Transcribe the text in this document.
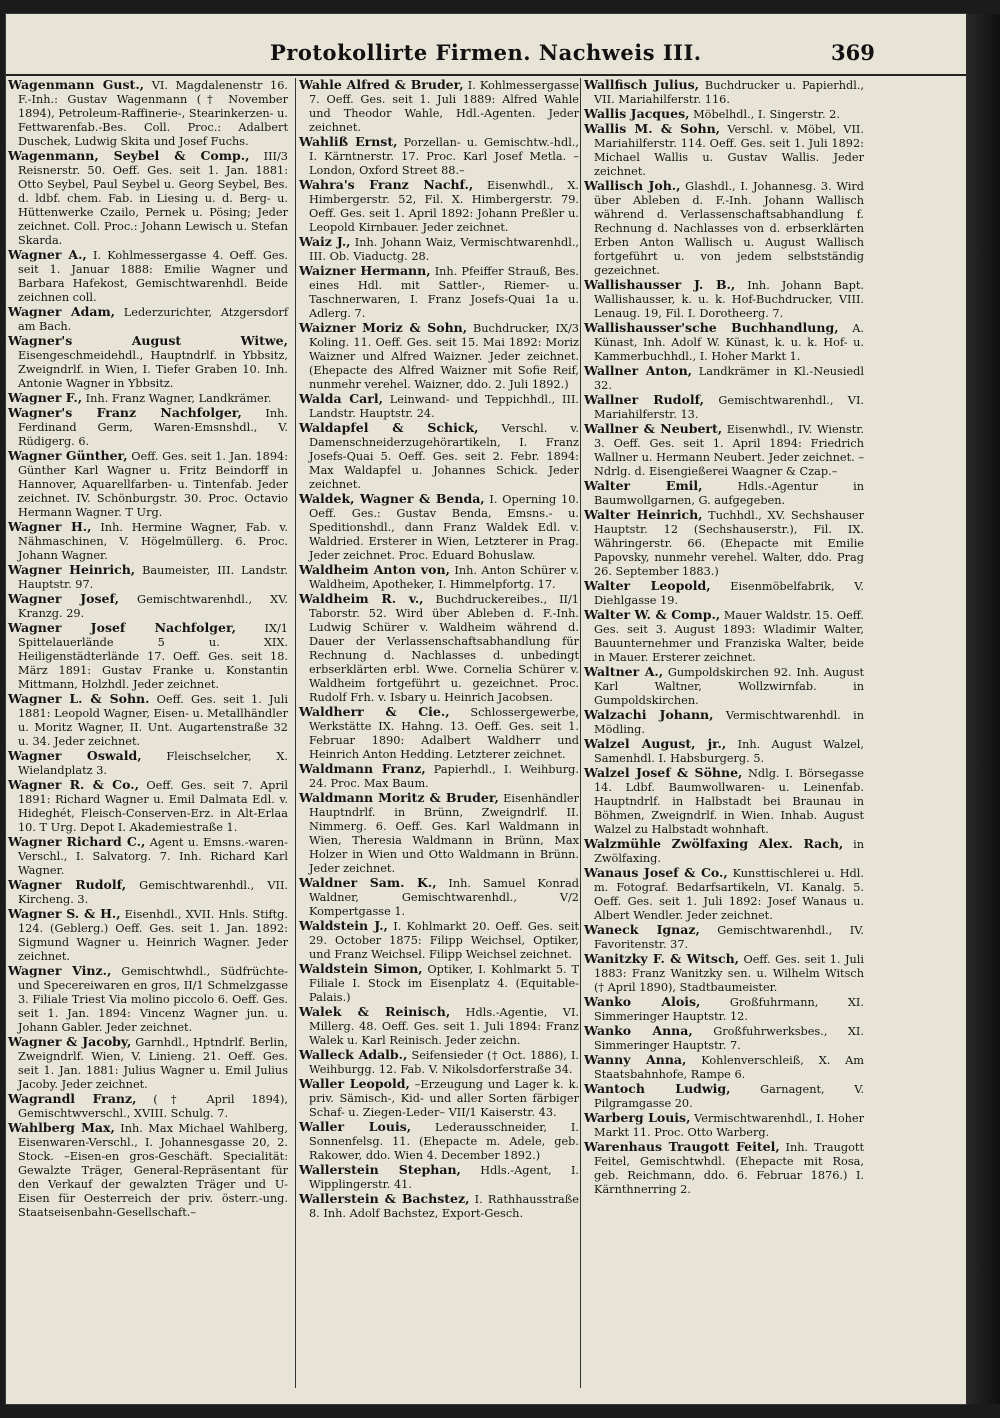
Protokollirte Firmen. Nachweis III.	369

Wagenmann Gust., VI. Magdalenenstr 16. F.-Inh.: Gustav Wagenmann († November 1894), Petroleum-Raffinerie-, Stearinkerzen- u. Fettwarenfab.-Bes. Coll. Proc.: Adalbert Duschek, Ludwig Skita und Josef Fuchs.

Wagenmann, Seybel & Comp., III/3 Reisnerstr. 50. Oeff. Ges. seit 1. Jan. 1881: Otto Seybel, Paul Seybel u. Georg Seybel, Bes. d. ldbf. chem. Fab. in Liesing u. d. Berg- u. Hüttenwerke Czailo, Pernek u. Pösing; Jeder zeichnet. Coll. Proc.: Johann Lewisch u. Stefan Skarda.

Wagner A., I. Kohlmessergasse 4. Oeff. Ges. seit 1. Januar 1888: Emilie Wagner und Barbara Hafekost, Gemischtwarenhdl. Beide zeichnen coll.

Wagner Adam, Lederzurichter, Atzgersdorf am Bach.

Wagner's August Witwe, Eisengeschmeidehdl., Hauptndrlf. in Ybbsitz, Zweigndrlf. in Wien, I. Tiefer Graben 10. Inh. Antonie Wagner in Ybbsitz.

Wagner F., Inh. Franz Wagner, Landkrämer.

Wagner's Franz Nachfolger, Inh. Ferdinand Germ, Waren-Emsnshdl., V. Rüdigerg. 6.

Wagner Günther, Oeff. Ges. seit 1. Jan. 1894: Günther Karl Wagner u. Fritz Beindorff in Hannover, Aquarellfarben- u. Tintenfab. Jeder zeichnet. IV. Schönburgstr. 30. Proc. Octavio Hermann Wagner. T Urg.

Wagner H., Inh. Hermine Wagner, Fab. v. Nähmaschinen, V. Högelmüllerg. 6. Proc. Johann Wagner.

Wagner Heinrich, Baumeister, III. Landstr. Hauptstr. 97.

Wagner Josef, Gemischtwarenhdl., XV. Kranzg. 29.

Wagner Josef Nachfolger, IX/1 Spittelauerlände 5 u. XIX. Heiligenstädterlände 17. Oeff. Ges. seit 18. März 1891: Gustav Franke u. Konstantin Mittmann, Holzhdl. Jeder zeichnet.

Wagner L. & Sohn. Oeff. Ges. seit 1. Juli 1881: Leopold Wagner, Eisen- u. Metallhändler u. Moritz Wagner, II. Unt. Augartenstraße 32 u. 34. Jeder zeichnet.

Wagner Oswald, Fleischselcher, X. Wielandplatz 3.

Wagner R. & Co., Oeff. Ges. seit 7. April 1891: Richard Wagner u. Emil Dalmata Edl. v. Hideghét, Fleisch-Conserven-Erz. in Alt-Erlaa 10. T Urg. Depot I. Akademiestraße 1.

Wagner Richard C., Agent u. Emsns.-waren-Verschl., I. Salvatorg. 7. Inh. Richard Karl Wagner.

Wagner Rudolf, Gemischtwarenhdl., VII. Kircheng. 3.

Wagner S. & H., Eisenhdl., XVII. Hnls. Stiftg. 124. (Geblerg.) Oeff. Ges. seit 1. Jan. 1892: Sigmund Wagner u. Heinrich Wagner. Jeder zeichnet.

Wagner Vinz., Gemischtwhdl., Südfrüchte- und Specereiwaren en gros, II/1 Schmelzgasse 3. Filiale Triest Via molino piccolo 6. Oeff. Ges. seit 1. Jan. 1894: Vincenz Wagner jun. u. Johann Gabler. Jeder zeichnet.

Wagner & Jacoby, Garnhdl., Hptndrlf. Berlin, Zweigndrlf. Wien, V. Linieng. 21. Oeff. Ges. seit 1. Jan. 1881: Julius Wagner u. Emil Julius Jacoby. Jeder zeichnet.

Wagrandl Franz, († April 1894), Gemischtwverschl., XVIII. Schulg. 7.

Wahlberg Max, Inh. Max Michael Wahlberg, Eisenwaren-Verschl., I. Johannesgasse 20, 2. Stock. –Eisen-en gros-Geschäft. Specialität: Gewalzte Träger, General-Repräsentant für den Verkauf der gewalzten Träger und U-Eisen für Oesterreich der priv. österr.-ung. Staatseisenbahn-Gesellschaft.–

Wahle Alfred & Bruder, I. Kohlmessergasse 7. Oeff. Ges. seit 1. Juli 1889: Alfred Wahle und Theodor Wahle, Hdl.-Agenten. Jeder zeichnet.

Wahliß Ernst, Porzellan- u. Gemischtw.-hdl., I. Kärntnerstr. 17. Proc. Karl Josef Metla. –London, Oxford Street 88.–

Wahra's Franz Nachf., Eisenwhdl., X. Himbergerstr. 52, Fil. X. Himbergerstr. 79. Oeff. Ges. seit 1. April 1892: Johann Preßler u. Leopold Kirnbauer. Jeder zeichnet.

Waiz J., Inh. Johann Waiz, Vermischtwarenhdl., III. Ob. Viaductg. 28.

Waizner Hermann, Inh. Pfeiffer Strauß, Bes. eines Hdl. mit Sattler-, Riemer- u. Taschnerwaren, I. Franz Josefs-Quai 1a u. Adlerg. 7.

Waizner Moriz & Sohn, Buchdrucker, IX/3 Koling. 11. Oeff. Ges. seit 15. Mai 1892: Moriz Waizner und Alfred Waizner. Jeder zeichnet. (Ehepacte des Alfred Waizner mit Sofie Reif, nunmehr verehel. Waizner, ddo. 2. Juli 1892.)

Walda Carl, Leinwand- und Teppichhdl., III. Landstr. Hauptstr. 24.

Waldapfel & Schick, Verschl. v. Damenschneiderzugehörartikeln, I. Franz Josefs-Quai 5. Oeff. Ges. seit 2. Febr. 1894: Max Waldapfel u. Johannes Schick. Jeder zeichnet.

Waldek, Wagner & Benda, I. Operning 10. Oeff. Ges.: Gustav Benda, Emsns.- u. Speditionshdl., dann Franz Waldek Edl. v. Waldried. Ersterer in Wien, Letzterer in Prag. Jeder zeichnet. Proc. Eduard Bohuslaw.

Waldheim Anton von, Inh. Anton Schürer v. Waldheim, Apotheker, I. Himmelpfortg. 17.

Waldheim R. v., Buchdruckereibes., II/1 Taborstr. 52. Wird über Ableben d. F.-Inh. Ludwig Schürer v. Waldheim während d. Dauer der Verlassenschaftsabhandlung für Rechnung d. Nachlasses d. unbedingt erbserklärten erbl. Wwe. Cornelia Schürer v. Waldheim fortgeführt u. gezeichnet. Proc. Rudolf Frh. v. Isbary u. Heinrich Jacobsen.

Waldherr & Cie., Schlossergewerbe, Werkstätte IX. Hahng. 13. Oeff. Ges. seit 1. Februar 1890: Adalbert Waldherr und Heinrich Anton Hedding. Letzterer zeichnet.

Waldmann Franz, Papierhdl., I. Weihburg. 24. Proc. Max Baum.

Waldmann Moritz & Bruder, Eisenhändler Hauptndrlf. in Brünn, Zweigndrlf. II. Nimmerg. 6. Oeff. Ges. Karl Waldmann in Wien, Theresia Waldmann in Brünn, Max Holzer in Wien und Otto Waldmann in Brünn. Jeder zeichnet.

Waldner Sam. K., Inh. Samuel Konrad Waldner, Gemischtwarenhdl., V/2 Kompertgasse 1.

Waldstein J., I. Kohlmarkt 20. Oeff. Ges. seit 29. October 1875: Filipp Weichsel, Optiker, und Franz Weichsel. Filipp Weichsel zeichnet.

Waldstein Simon, Optiker, I. Kohlmarkt 5. T Filiale I. Stock im Eisenplatz 4. (Equitable-Palais.)

Walek & Reinisch, Hdls.-Agentie, VI. Millerg. 48. Oeff. Ges. seit 1. Juli 1894: Franz Walek u. Karl Reinisch. Jeder zeichn.

Walleck Adalb., Seifensieder († Oct. 1886), I. Weihburgg. 12. Fab. V. Nikolsdorferstraße 34.

Waller Leopold, –Erzeugung und Lager k. k. priv. Sämisch-, Kid- und aller Sorten färbiger Schaf- u. Ziegen-Leder– VII/1 Kaiserstr. 43.

Waller Louis, Lederausschneider, I. Sonnenfelsg. 11. (Ehepacte m. Adele, geb. Rakower, ddo. Wien 4. December 1892.)

Wallerstein Stephan, Hdls.-Agent, I. Wipplingerstr. 41.

Wallerstein & Bachstez, I. Rathhausstraße 8. Inh. Adolf Bachstez, Export-Gesch.

Wallfisch Julius, Buchdrucker u. Papierhdl., VII. Mariahilferstr. 116.

Wallis Jacques, Möbelhdl., I. Singerstr. 2.

Wallis M. & Sohn, Verschl. v. Möbel, VII. Mariahilferstr. 114. Oeff. Ges. seit 1. Juli 1892: Michael Wallis u. Gustav Wallis. Jeder zeichnet.

Wallisch Joh., Glashdl., I. Johannesg. 3. Wird über Ableben d. F.-Inh. Johann Wallisch während d. Verlassenschaftsabhandlung f. Rechnung d. Nachlasses von d. erbserklärten Erben Anton Wallisch u. August Wallisch fortgeführt u. von jedem selbstständig gezeichnet.

Wallishausser J. B., Inh. Johann Bapt. Wallishausser, k. u. k. Hof-Buchdrucker, VIII. Lenaug. 19, Fil. I. Dorotheerg. 7.

Wallishausser'sche Buchhandlung, A. Künast, Inh. Adolf W. Künast, k. u. k. Hof- u. Kammerbuchhdl., I. Hoher Markt 1.

Wallner Anton, Landkrämer in Kl.-Neusiedl 32.

Wallner Rudolf, Gemischtwarenhdl., VI. Mariahilferstr. 13.

Wallner & Neubert, Eisenwhdl., IV. Wienstr. 3. Oeff. Ges. seit 1. April 1894: Friedrich Wallner u. Hermann Neubert. Jeder zeichnet. – Ndrlg. d. Eisengießerei Waagner & Czap.–

Walter Emil, Hdls.-Agentur in Baumwollgarnen, G. aufgegeben.

Walter Heinrich, Tuchhdl., XV. Sechshauser Hauptstr. 12 (Sechshauserstr.), Fil. IX. Währingerstr. 66. (Ehepacte mit Emilie Papovsky, nunmehr verehel. Walter, ddo. Prag 26. September 1883.)

Walter Leopold, Eisenmöbelfabrik, V. Diehlgasse 19.

Walter W. & Comp., Mauer Waldstr. 15. Oeff. Ges. seit 3. August 1893: Wladimir Walter, Bauunternehmer und Franziska Walter, beide in Mauer. Ersterer zeichnet.

Waltner A., Gumpoldskirchen 92. Inh. August Karl Waltner, Wollzwirnfab. in Gumpoldskirchen.

Walzachi Johann, Vermischtwarenhdl. in Mödling.

Walzel August, jr., Inh. August Walzel, Samenhdl. I. Habsburgerg. 5.

Walzel Josef & Söhne, Ndlg. I. Börsegasse 14. Ldbf. Baumwollwaren- u. Leinenfab. Hauptndrlf. in Halbstadt bei Braunau in Böhmen, Zweigndrlf. in Wien. Inhab. August Walzel zu Halbstadt wohnhaft.

Walzmühle Zwölfaxing Alex. Rach, in Zwölfaxing.

Wanaus Josef & Co., Kunsttischlerei u. Hdl. m. Fotograf. Bedarfsartikeln, VI. Kanalg. 5. Oeff. Ges. seit 1. Juli 1892: Josef Wanaus u. Albert Wendler. Jeder zeichnet.

Waneck Ignaz, Gemischtwarenhdl., IV. Favoritenstr. 37.

Wanitzky F. & Witsch, Oeff. Ges. seit 1. Juli 1883: Franz Wanitzky sen. u. Wilhelm Witsch († April 1890), Stadtbaumeister.

Wanko Alois, Großfuhrmann, XI. Simmeringer Hauptstr. 12.

Wanko Anna, Großfuhrwerksbes., XI. Simmeringer Hauptstr. 7.

Wanny Anna, Kohlenverschleiß, X. Am Staatsbahnhofe, Rampe 6.

Wantoch Ludwig, Garnagent, V. Pilgramgasse 20.

Warberg Louis, Vermischtwarenhdl., I. Hoher Markt 11. Proc. Otto Warberg.

Warenhaus Traugott Feitel, Inh. Traugott Feitel, Gemischtwhdl. (Ehepacte mit Rosa, geb. Reichmann, ddo. 6. Februar 1876.) I. Kärnthnerring 2.
